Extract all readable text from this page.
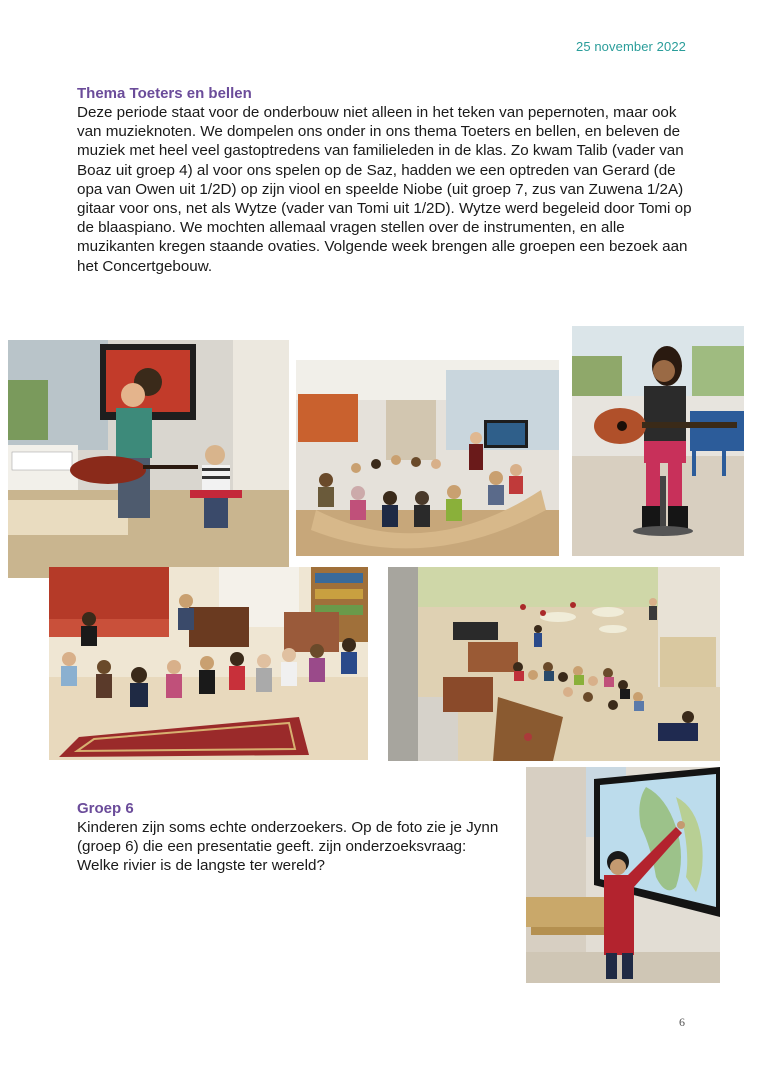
25 november 2022
Thema Toeters en bellen

Deze periode staat voor de onderbouw niet alleen in het teken van pepernoten, maar ook van muzieknoten. We dompelen ons onder in ons thema Toeters en bellen, en beleven de muziek met heel veel gastoptredens van familieleden in de klas. Zo kwam Talib (vader van Boaz uit groep 4) al voor ons spelen op de Saz, hadden we een optreden van Gerard (de opa van Owen uit 1/2D) op zijn viool en speelde Niobe (uit groep 7, zus van Zuwena 1/2A) gitaar voor ons, net als Wytze (vader van Tomi uit 1/2D). Wytze werd begeleid door Tomi op de blaaspiano. We mochten allemaal vragen stellen over de instrumenten, en alle muzikanten kregen staande ovaties. Volgende week brengen alle groepen een bezoek aan het Concertgebouw.

Groep 6

Kinderen zijn soms echte onderzoekers. Op de foto zie je Jynn (groep 6) die een presentatie geeft. zijn onderzoeksvraag: Welke rivier is de langste ter wereld?

6
